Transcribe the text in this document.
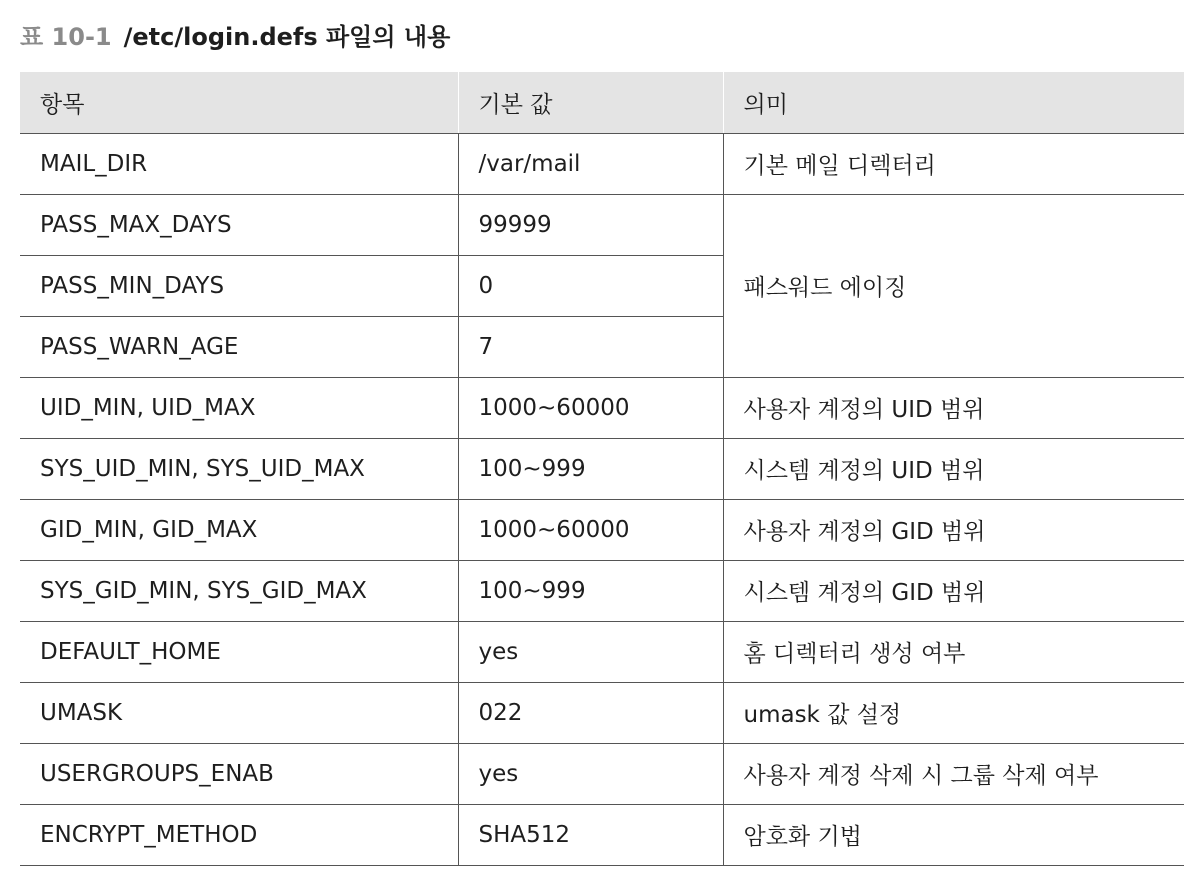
표 10-1 /etc/login.defs 파일의 내용
항목	기본 값	의미
MAIL_DIR	/var/mail	기본 메일 디렉터리
PASS_MAX_DAYS	99999	패스워드 에이징
PASS_MIN_DAYS	0	
PASS_WARN_AGE	7	
UID_MIN, UID_MAX	1000~60000	사용자 계정의 UID 범위
SYS_UID_MIN, SYS_UID_MAX	100~999	시스템 계정의 UID 범위
GID_MIN, GID_MAX	1000~60000	사용자 계정의 GID 범위
SYS_GID_MIN, SYS_GID_MAX	100~999	시스템 계정의 GID 범위
DEFAULT_HOME	yes	홈 디렉터리 생성 여부
UMASK	022	umask 값 설정
USERGROUPS_ENAB	yes	사용자 계정 삭제 시 그룹 삭제 여부
ENCRYPT_METHOD	SHA512	암호화 기법
